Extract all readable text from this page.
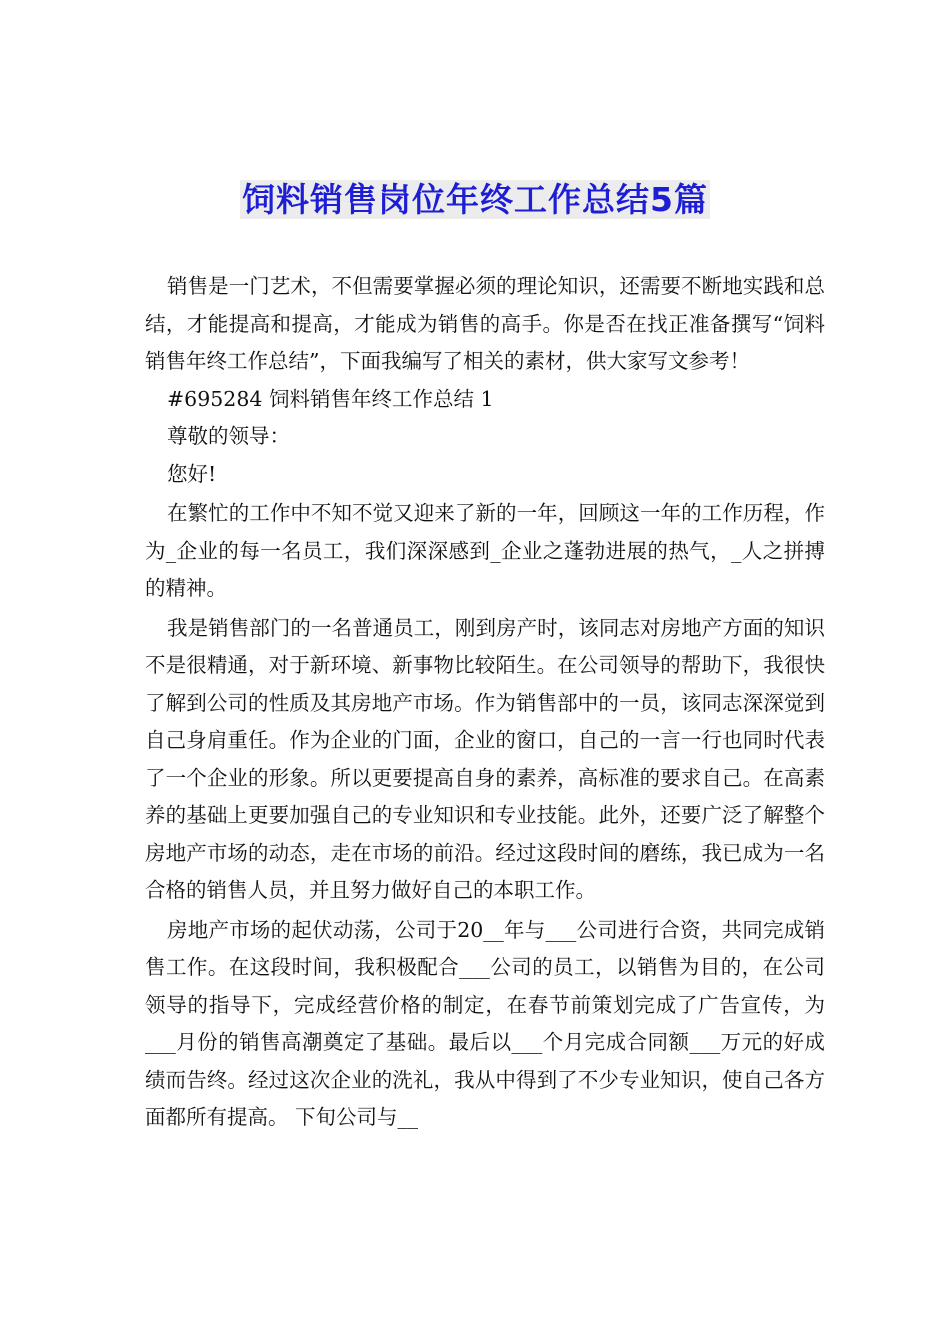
饲料销售岗位年终工作总结5篇

销售是一门艺术，不但需要掌握必须的理论知识，还需要不断地实践和总结，才能提高和提高，才能成为销售的高手。你是否在找正准备撰写“饲料销售年终工作总结”，下面我编写了相关的素材，供大家写文参考！

#695284 饲料销售年终工作总结 1

尊敬的领导：

您好!

在繁忙的工作中不知不觉又迎来了新的一年，回顾这一年的工作历程，作为_企业的每一名员工，我们深深感到_企业之蓬勃进展的热气，_人之拼搏的精神。

我是销售部门的一名普通员工，刚到房产时，该同志对房地产方面的知识不是很精通，对于新环境、新事物比较陌生。在公司领导的帮助下，我很快了解到公司的性质及其房地产市场。作为销售部中的一员，该同志深深觉到自己身肩重任。作为企业的门面，企业的窗口，自己的一言一行也同时代表了一个企业的形象。所以更要提高自身的素养，高标准的要求自己。在高素养的基础上更要加强自己的专业知识和专业技能。此外，还要广泛了解整个房地产市场的动态，走在市场的前沿。经过这段时间的磨练，我已成为一名合格的销售人员，并且努力做好自己的本职工作。

房地产市场的起伏动荡，公司于20__年与___公司进行合资，共同完成销售工作。在这段时间，我积极配合___公司的员工，以销售为目的，在公司领导的指导下，完成经营价格的制定，在春节前策划完成了广告宣传，为___月份的销售高潮奠定了基础。最后以___个月完成合同额___万元的好成绩而告终。经过这次企业的洗礼，我从中得到了不少专业知识，使自己各方面都所有提高。 下旬公司与__
